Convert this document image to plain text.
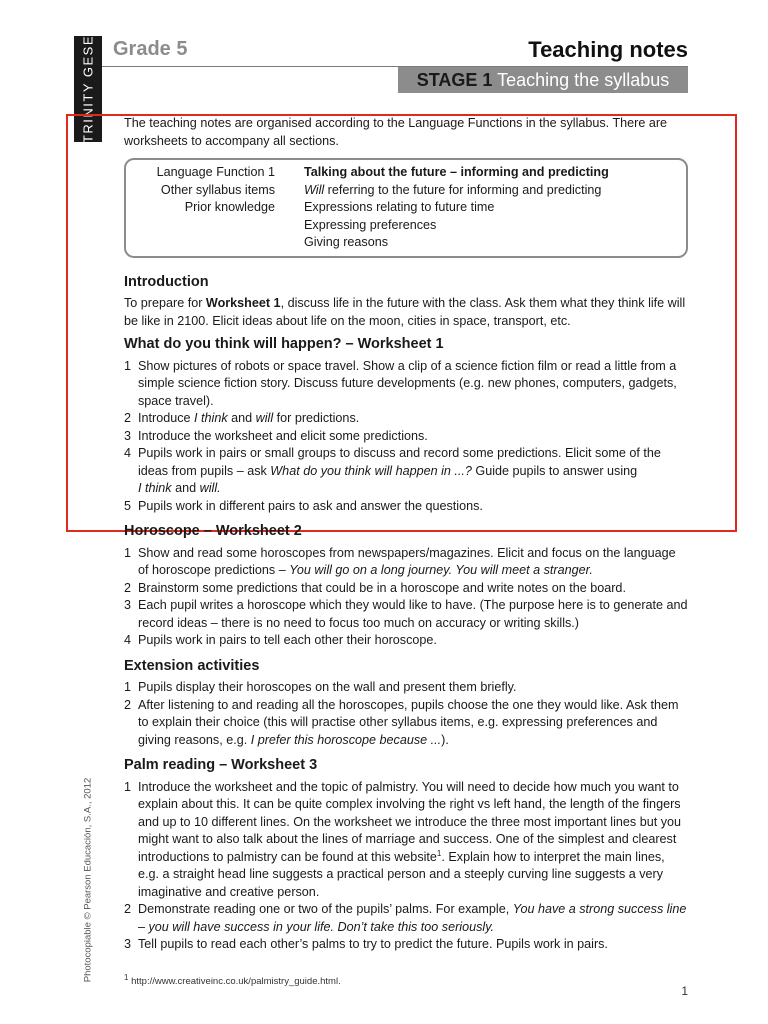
TRINITY GESE Grade 5	Teaching notes
STAGE 1 Teaching the syllabus

The teaching notes are organised according to the Language Functions in the syllabus. There are worksheets to accompany all sections.

Language Function 1	Talking about the future – informing and predicting
Other syllabus items	Will referring to the future for informing and predicting
Prior knowledge	Expressions relating to future time
Expressing preferences
Giving reasons
Introduction

To prepare for Worksheet 1, discuss life in the future with the class. Ask them what they think life will be like in 2100. Elicit ideas about life on the moon, cities in space, transport, etc.

What do you think will happen? – Worksheet 1
1 Show pictures of robots or space travel. Show a clip of a science fiction film or read a little from a simple science fiction story. Discuss future developments (e.g. new phones, computers, gadgets, space travel).
2 Introduce I think and will for predictions.
3 Introduce the worksheet and elicit some predictions.
4 Pupils work in pairs or small groups to discuss and record some predictions. Elicit some of the ideas from pupils – ask What do you think will happen in ...? Guide pupils to answer using
I think and will.
5 Pupils work in different pairs to ask and answer the questions.
Horoscope – Worksheet 2
1 Show and read some horoscopes from newspapers/magazines. Elicit and focus on the language of horoscope predictions – You will go on a long journey. You will meet a stranger.
2 Brainstorm some predictions that could be in a horoscope and write notes on the board.
3 Each pupil writes a horoscope which they would like to have. (The purpose here is to generate and record ideas – there is no need to focus too much on accuracy or writing skills.)
4 Pupils work in pairs to tell each other their horoscope.
Extension activities
1 Pupils display their horoscopes on the wall and present them briefly.
2 After listening to and reading all the horoscopes, pupils choose the one they would like. Ask them to explain their choice (this will practise other syllabus items, e.g. expressing preferences and giving reasons, e.g. I prefer this horoscope because ...).
Palm reading – Worksheet 3
1 Introduce the worksheet and the topic of palmistry. You will need to decide how much you want to explain about this. It can be quite complex involving the right vs left hand, the length of the fingers and up to 10 different lines. On the worksheet we introduce the three most important lines but you might want to also talk about the lines of marriage and success. One of the simplest and clearest introductions to palmistry can be found at this website$^1$. Explain how to interpret the main lines, e.g. a straight head line suggests a practical person and a steeply curving line suggests a very imaginative and creative person.
2 Demonstrate reading one or two of the pupils’ palms. For example, You have a strong success line – you will have success in your life. Don’t take this too seriously.
3 Tell pupils to read each other’s palms to try to predict the future. Pupils work in pairs.
$^1$ http://www.creativeinc.co.uk/palmistry_guide.html.
1
Photocopiable © Pearson Educación, S.A., 2012
